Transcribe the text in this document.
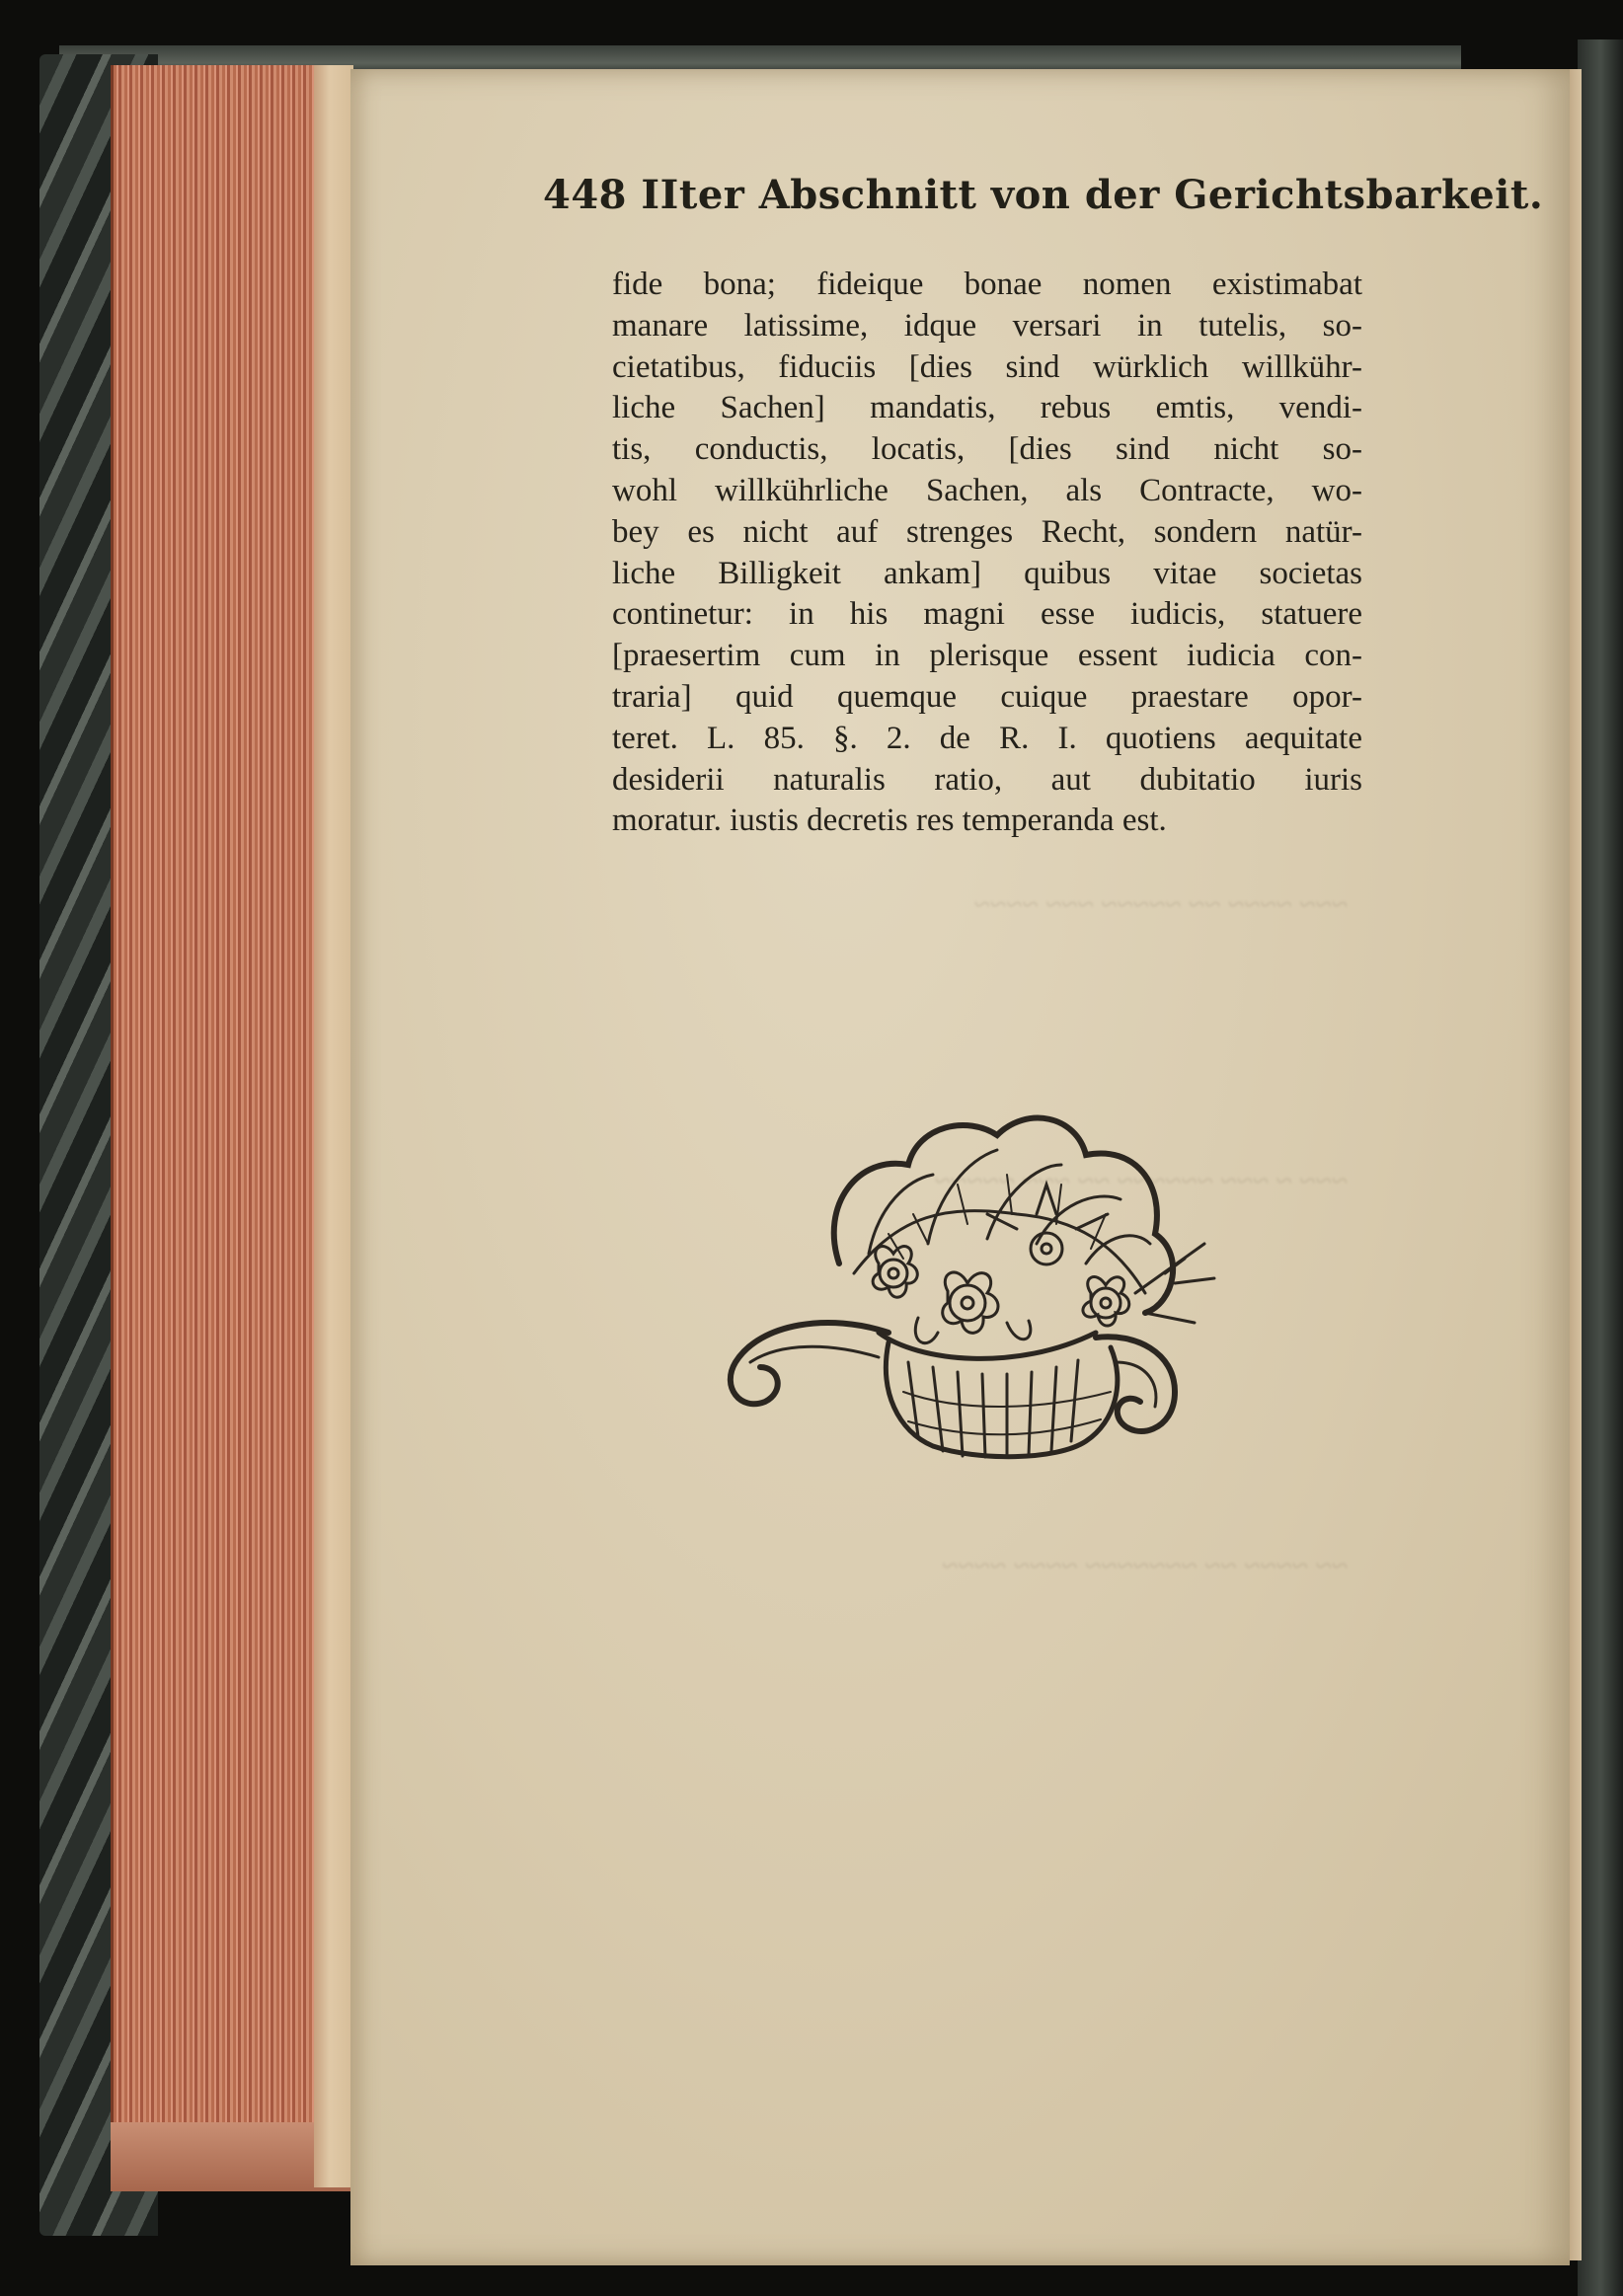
~~~ ~~~~ ~~ ~~~~~ ~~~ ~~~~
~~~ ~ ~~~ ~~~~~~ ~~ ~~~ ~~~~~
~~ ~~~~ ~~ ~~~~~~~ ~~~~ ~~~~
448 IIter Abschnitt von der Gerichtsbarkeit.
fide bona; fideique bonae nomen existimabat
manare latissime, idque versari in tutelis, so-
cietatibus, fiduciis [dies sind würklich willkühr-
liche Sachen] mandatis, rebus emtis, vendi-
tis, conductis, locatis, [dies sind nicht so-
wohl willkührliche Sachen, als Contracte, wo-
bey es nicht auf strenges Recht, sondern natür-
liche Billigkeit ankam] quibus vitae societas
continetur: in his magni esse iudicis, statuere
[praesertim cum in plerisque essent iudicia con-
traria] quid quemque cuique praestare opor-
teret. L. 85. §. 2. de R. I. quotiens aequitate
desiderii naturalis ratio, aut dubitatio iuris
moratur. iustis decretis res temperanda est.
